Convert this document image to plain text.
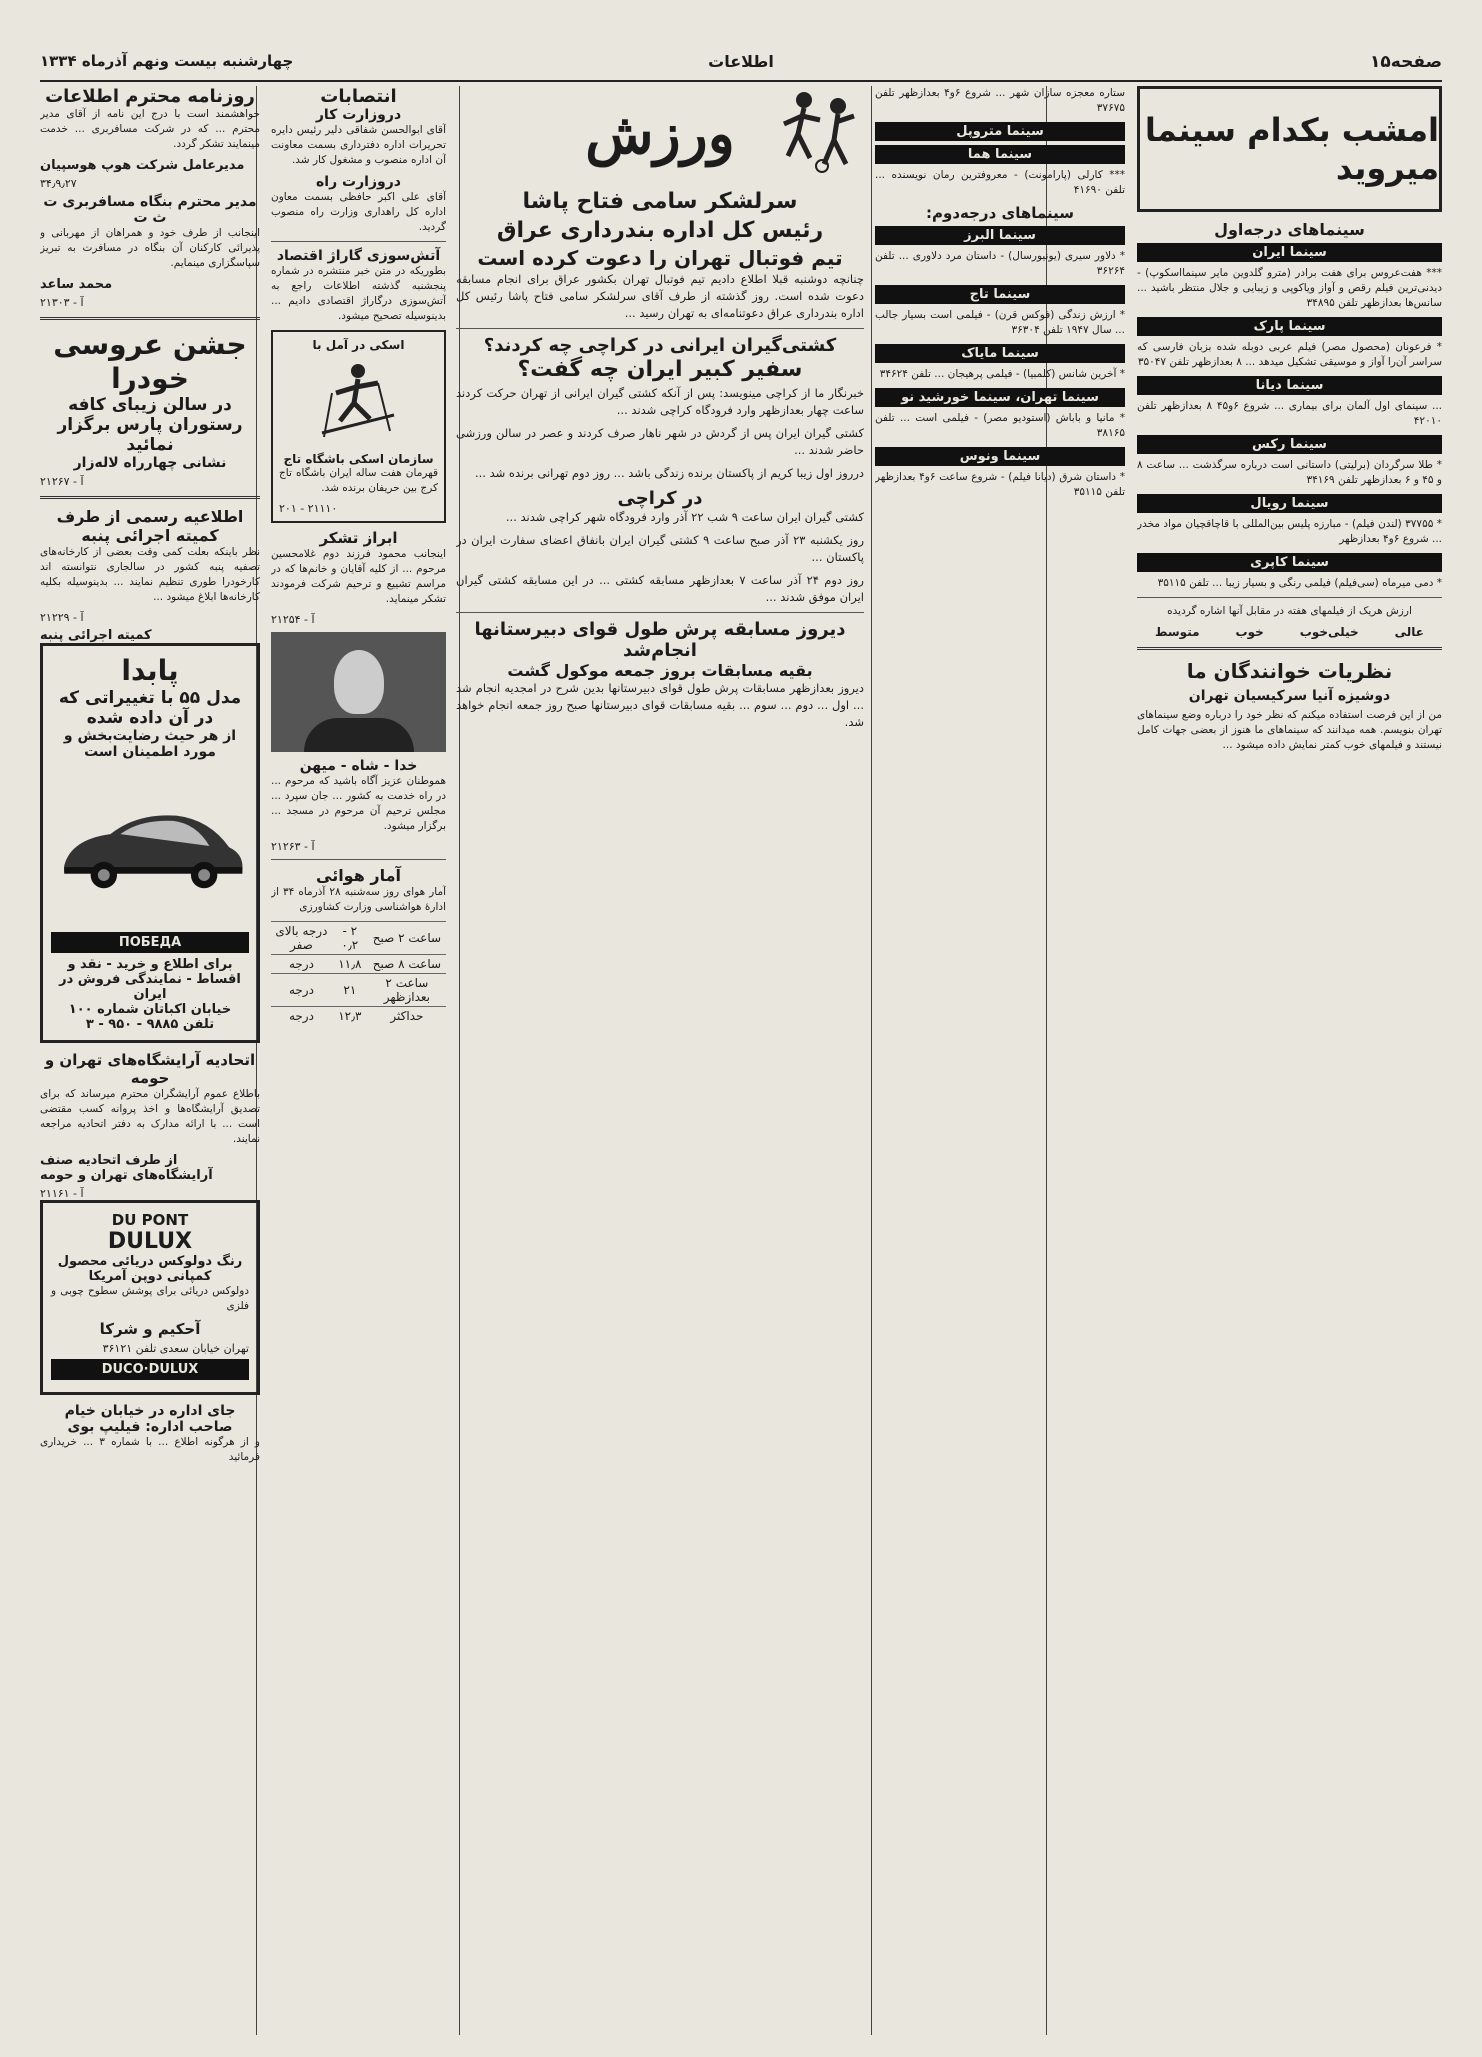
صفحه۱۵
اطلاعات
چهارشنبه بیست ونهم آذرماه ۱۳۳۴
امشب بکدام سینما میروید
سینماهای درجه‌اول
سینما ایران

*** هفت‌عروس برای هفت برادر (مترو گلدوین مایر سینمااسکوپ) - دیدنی‌ترین فیلم رقص و آواز ویاکوپی و زیبایی و جلال منتظر باشید ... سانس‌ها بعدازظهر تلفن ۳۴۸۹۵

سینما پارک

* فرعونان (محصول مصر) فیلم عربی دوبله شده بزبان فارسی که سراسر آن‌را آواز و موسیقی تشکیل میدهد ... ۸ بعدازظهر تلفن ۳۵۰۴۷

سینما دیانا

... سینمای اول آلمان برای بیماری ... شروع ۶و۴۵ ۸ بعدازظهر تلفن ۴۲۰۱۰

سینما رکس

* طلا سرگردان (برلیتی) داستانی است درباره سرگذشت ... ساعت ۸ و ۴۵ و ۶ بعدازظهر تلفن ۳۴۱۶۹

سینما رویال

* ۳۷۷۵۵ (لندن فیلم) - مبارزه پلیس بین‌المللی با قاچاقچیان مواد مخدر ... شروع ۶و۴ بعدازظهر

سینما کاپری

* دمی میرماه (سی‌فیلم) فیلمی رنگی و بسیار زیبا ... تلفن ۳۵۱۱۵

ارزش هریک از فیلمهای هفته در مقابل آنها اشاره گردیده

عالی
خیلی‌خوب
خوب
متوسط
نظریات خوانندگان ما
دوشیزه آنیا سرکیسیان تهران

من از این فرصت استفاده میکنم که نظر خود را درباره وضع سینماهای تهران بنویسم. همه میدانند که سینماهای ما هنوز از بعضی جهات کامل نیستند و فیلمهای خوب کمتر نمایش داده میشود ...

ستاره معجزه سازان شهر ... شروع ۶و۴ بعدازظهر تلفن ۳۷۶۷۵

سینما متروپل
سینما هما

*** کارلی (پارامونت) - معروفترین رمان نویسنده ... تلفن ۴۱۶۹۰

سینماهای درجه‌دوم:
سینما البرز

* دلاور سیری (یونیورسال) - داستان مرد دلاوری ... تلفن ۳۶۲۶۴

سینما تاج

* ارزش زندگی (فوکس قرن) - فیلمی است بسیار جالب ... سال ۱۹۴۷ تلفن ۳۶۳۰۴

سینما مایاک

* آخرین شانس (کلمبیا) - فیلمی پرهیجان ... تلفن ۳۴۶۲۴

سینما تهران، سینما خورشید نو

* مانیا و باباش (استودیو مصر) - فیلمی است ... تلفن ۳۸۱۶۵

سینما ونوس

* داستان شرق (دیانا فیلم) - شروع ساعت ۶و۴ بعدازظهر تلفن ۳۵۱۱۵

ورزش
سرلشکر سامی فتاح پاشا
رئیس کل اداره بندرداری عراق
تیم فوتبال تهران را دعوت کرده است

چنانچه دوشنبه قبلا اطلاع دادیم تیم فوتبال تهران بکشور عراق برای انجام مسابقه دعوت شده است. روز گذشته از طرف آقای سرلشکر سامی فتاح پاشا رئیس کل اداره بندرداری عراق دعوتنامه‌ای به تهران رسید ...

کشتی‌گیران ایرانی در کراچی چه کردند؟
سفیر کبیر ایران چه گفت؟

خبرنگار ما از کراچی مینویسد: پس از آنکه کشتی گیران ایرانی از تهران حرکت کردند ساعت چهار بعدازظهر وارد فرودگاه کراچی شدند ...

کشتی گیران ایران پس از گردش در شهر ناهار صرف کردند و عصر در سالن ورزشی حاضر شدند ...

درروز اول زیبا کریم از پاکستان برنده زندگی باشد ... روز دوم تهرانی برنده شد ...

در کراچی

کشتی گیران ایران ساعت ۹ شب ۲۲ آذر وارد فرودگاه شهر کراچی شدند ...

روز یکشنبه ۲۳ آذر صبح ساعت ۹ کشتی گیران ایران بانفاق اعضای سفارت ایران در پاکستان ...

روز دوم ۲۴ آذر ساعت ۷ بعدازظهر مسابقه کشتی ... در این مسابقه کشتی گیران ایران موفق شدند ...

دیروز مسابقه پرش طول قوای دبیرستانها انجام‌شد
بقیه مسابقات بروز جمعه موکول گشت

دیروز بعدازظهر مسابقات پرش طول قوای دبیرستانها بدین شرح در امجدیه انجام شد ... اول ... دوم ... سوم ... بقیه مسابقات قوای دبیرستانها صبح روز جمعه انجام خواهد شد.

انتصابات
دروزارت کار

آقای ابوالحسن شفاقی دلیر رئیس دایره تحریرات اداره دفترداری بسمت معاونت آن اداره منصوب و مشغول کار شد.

دروزارت راه

آقای علی اکبر حافظی بسمت معاون اداره کل راهداری وزارت راه منصوب گردید.

آتش‌سوزی گاراژ اقتصاد

بطوریکه در متن خبر منتشره در شماره پنجشنبه گذشته اطلاعات راجع به آتش‌سوزی درگاراژ اقتصادی دادیم ... بدینوسیله تصحیح میشود.

اسکی در آمل با
سازمان اسکی باشگاه تاج

قهرمان هفت ساله ایران باشگاه تاج کرج بین حریفان برنده شد.

۲۰۱ - ۲۱۱۱۰
ابراز تشکر

اینجانب محمود فرزند دوم غلامحسین مرحوم ... از کلیه آقایان و خانم‌ها که در مراسم تشییع و ترحیم شرکت فرمودند تشکر مینماید.

آ - ۲۱۲۵۴
خدا - شاه - میهن

هموطنان عزیز آگاه باشید که مرحوم ... در راه خدمت به کشور ... جان سپرد ... مجلس ترحیم آن مرحوم در مسجد ... برگزار میشود.

آ - ۲۱۲۶۳
آمار هوائی

آمار هوای روز سه‌شنبه ۲۸ آذرماه ۳۴ از ادارهٔ هواشناسی وزارت کشاورزی

ساعت ۲ صبح	۲ - ۰٫۲	درجه بالای صفر
ساعت ۸ صبح	۱۱٫۸	درجه
ساعت ۲ بعدازظهر	۲۱	درجه
حداکثر	۱۲٫۳	درجه
روزنامه محترم اطلاعات

خواهشمند است با درج این نامه از آقای مدیر محترم ... که در شرکت مسافربری ... خدمت مینمایند تشکر گردد.

مدیرعامل شرکت هوپ هوسپیان
۳۴٫۹٫۲۷
مدیر محترم بنگاه مسافربری ت ث ت

اینجانب از طرف خود و همراهان از مهربانی و پذیرائی کارکنان آن بنگاه در مسافرت به تبریز سپاسگزاری مینمایم.

محمد ساعد
آ - ۲۱۳۰۳
جشن عروسی خودرا
در سالن زیبای کافه رستوران پارس برگزار نمائید
نشانی چهارراه لاله‌زار
آ - ۲۱۲۶۷
اطلاعیه رسمی از طرف کمیته اجرائی پنبه

نظر باینکه بعلت کمی وقت بعضی از کارخانه‌های تصفیه پنبه کشور در سالجاری نتوانسته اند کارخودرا طوری تنظیم نمایند ... بدینوسیله بکلیه کارخانه‌ها ابلاغ میشود ...

آ - ۲۱۲۲۹
کمیته اجرائی پنبه
پابدا
مدل ۵۵ با تغییراتی که در آن داده شده
از هر حیث رضایت‌بخش و مورد اطمینان است
ПОБЕДА
برای اطلاع و خرید - نقد و اقساط - نمایندگی فروش در ایران
خیابان اکباتان شماره ۱۰۰ تلفن ۹۸۸۵ - ۹۵۰ - ۳
اتحادیه آرایشگاه‌های تهران و حومه

باطلاع عموم آرایشگران محترم میرساند که برای تصدیق آرایشگاه‌ها و اخذ پروانه کسب مقتضی است ... با ارائه مدارک به دفتر اتحادیه مراجعه نمایند.

از طرف اتحادیه صنف آرایشگاه‌های تهران و حومه
آ - ۲۱۱۶۱
DU PONT
DULUX
رنگ دولوکس دریائی محصول کمپانی دوپن آمریکا

دولوکس دریائی برای پوشش سطوح چوبی و فلزی

آحکیم و شرکا
تهران خیابان سعدی تلفن ۳۶۱۲۱
DUCO·DULUX
جای اداره در خیابان خیام
صاحب اداره: فیلیپ بوی

و از هرگونه اطلاع ... با شماره ۳ ... خریداری فرمائید
